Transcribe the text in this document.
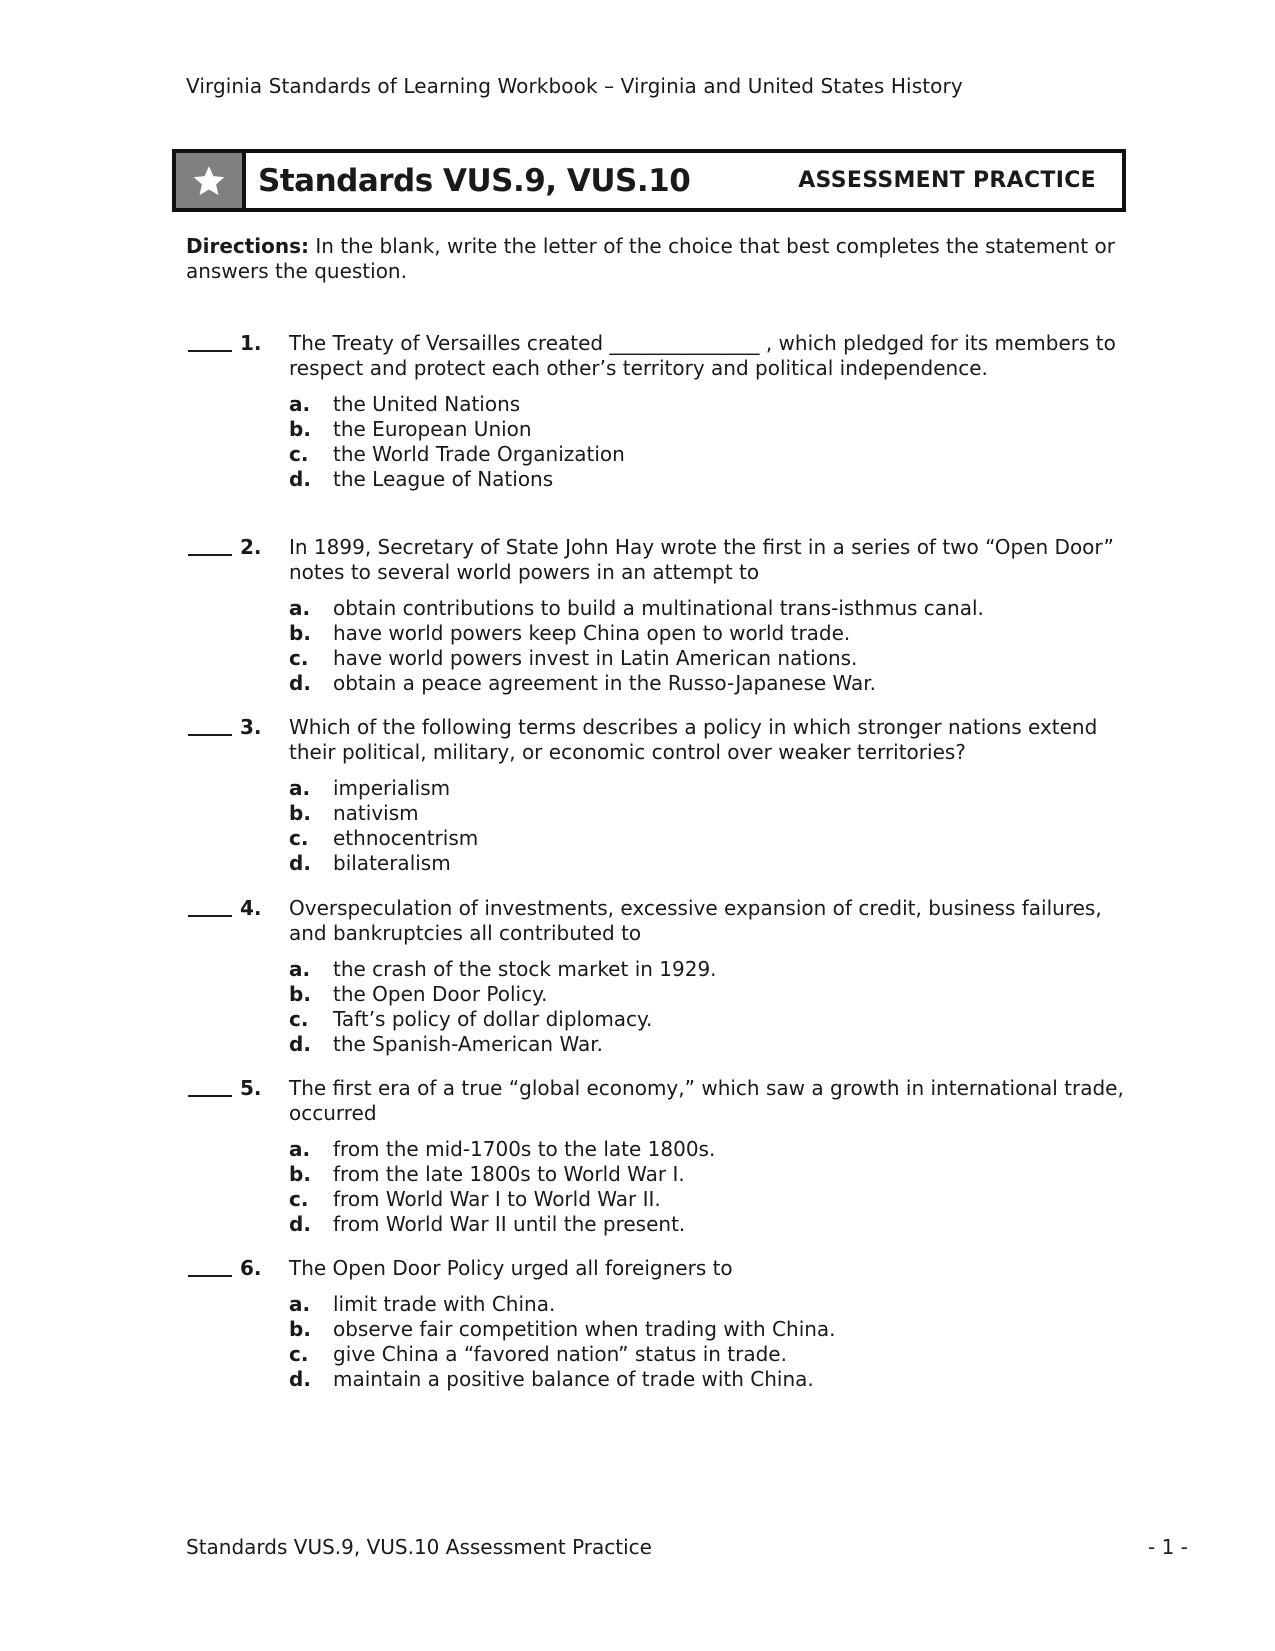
Virginia Standards of Learning Workbook – Virginia and United States History
Standards VUS.9, VUS.10	ASSESSMENT PRACTICE
Directions: In the blank, write the letter of the choice that best completes the statement or answers the question.
1. The Treaty of Versailles created _______________ , which pledged for its members to respect and protect each other’s territory and political independence.
a.	the United Nations
b.	the European Union
c.	the World Trade Organization
d.	the League of Nations
2. In 1899, Secretary of State John Hay wrote the first in a series of two “Open Door” notes to several world powers in an attempt to
a.	obtain contributions to build a multinational trans-isthmus canal.
b.	have world powers keep China open to world trade.
c.	have world powers invest in Latin American nations.
d.	obtain a peace agreement in the Russo-Japanese War.
3. Which of the following terms describes a policy in which stronger nations extend their political, military, or economic control over weaker territories?
a.	imperialism
b.	nativism
c.	ethnocentrism
d.	bilateralism
4. Overspeculation of investments, excessive expansion of credit, business failures, and bankruptcies all contributed to
a.	the crash of the stock market in 1929.
b.	the Open Door Policy.
c.	Taft’s policy of dollar diplomacy.
d.	the Spanish-American War.
5. The first era of a true “global economy,” which saw a growth in international trade, occurred
a.	from the mid-1700s to the late 1800s.
b.	from the late 1800s to World War I.
c.	from World War I to World War II.
d.	from World War II until the present.
6. The Open Door Policy urged all foreigners to
a.	limit trade with China.
b.	observe fair competition when trading with China.
c.	give China a “favored nation” status in trade.
d.	maintain a positive balance of trade with China.
Standards VUS.9, VUS.10 Assessment Practice	- 1 -
